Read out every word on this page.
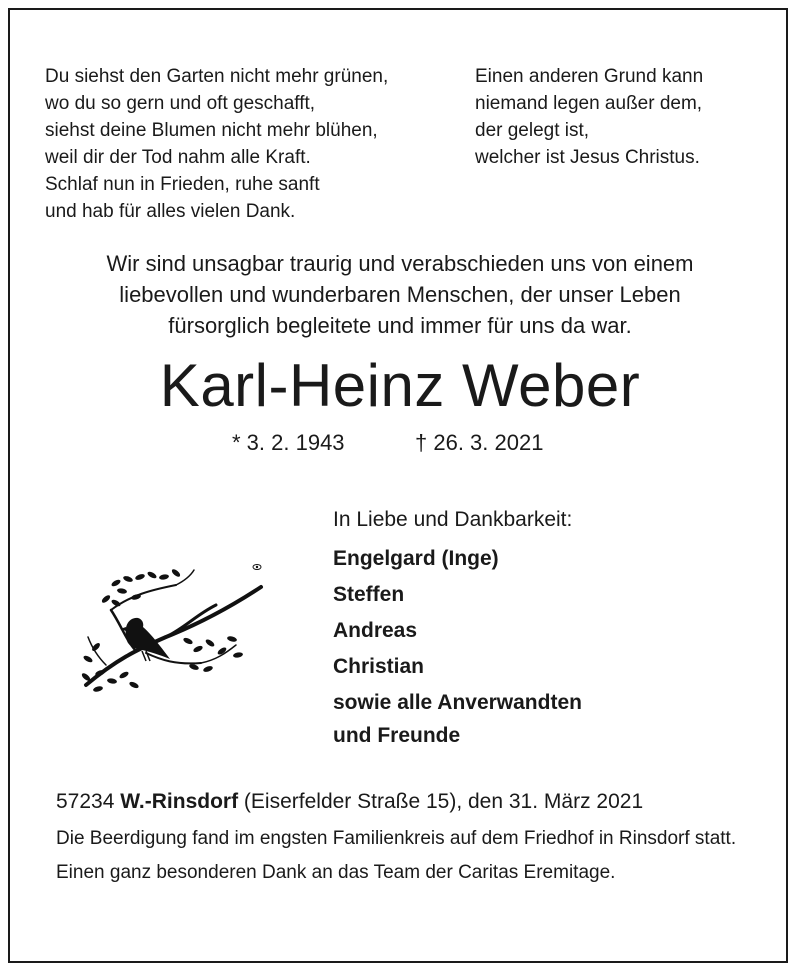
Du siehst den Garten nicht mehr grünen,
wo du so gern und oft geschafft,
siehst deine Blumen nicht mehr blühen,
weil dir der Tod nahm alle Kraft.
Schlaf nun in Frieden, ruhe sanft
und hab für alles vielen Dank.

Einen anderen Grund kann
niemand legen außer dem,
der gelegt ist,
welcher ist Jesus Christus.

Wir sind unsagbar traurig und verabschieden uns von einem
liebevollen und wunderbaren Menschen, der unser Leben
fürsorglich begleitete und immer für uns da war.

Karl-Heinz Weber
* 3. 2. 1943	† 26. 3. 2021

In Liebe und Dankbarkeit:

Engelgard (Inge)
Steffen
Andreas
Christian
sowie alle Anverwandten
und Freunde

57234 W.-Rinsdorf (Eiserfelder Straße 15), den 31. März 2021

Die Beerdigung fand im engsten Familienkreis auf dem Friedhof in Rinsdorf statt.

Einen ganz besonderen Dank an das Team der Caritas Eremitage.
